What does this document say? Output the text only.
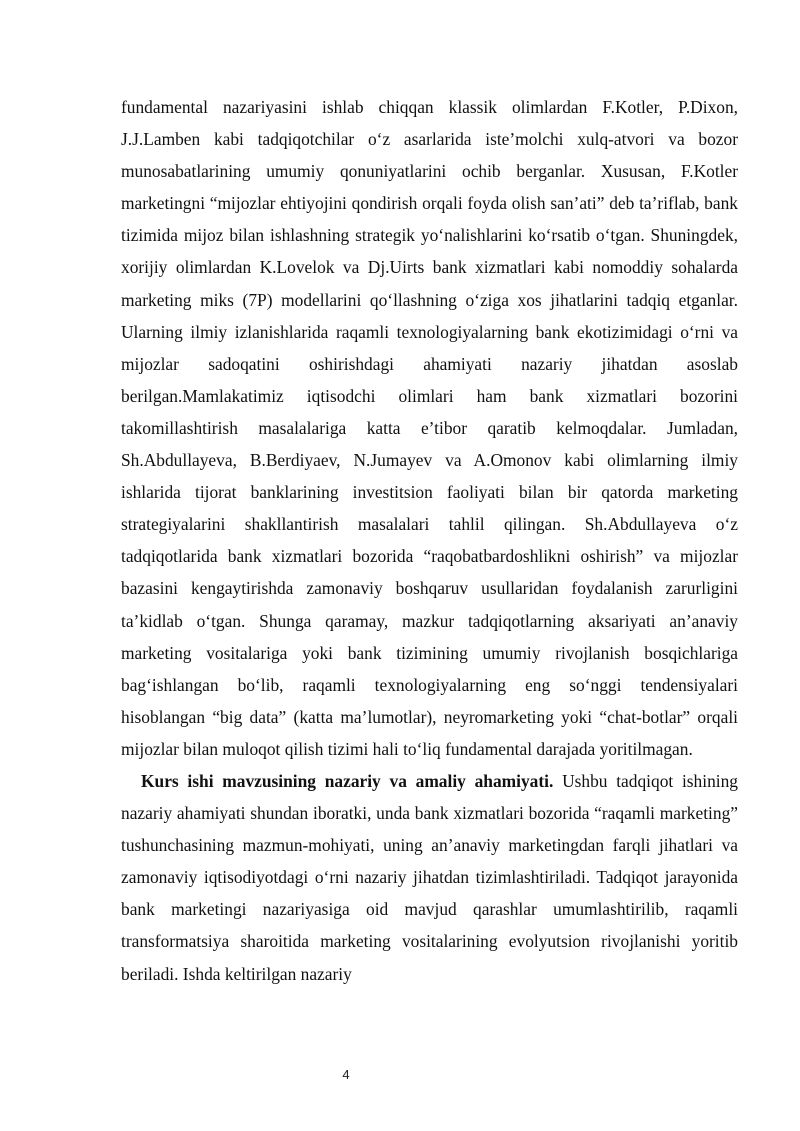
fundamental nazariyasini ishlab chiqqan klassik olimlardan F.Kotler, P.Dixon, J.J.Lamben kabi tadqiqotchilar o‘z asarlarida iste’molchi xulq-atvori va bozor munosabatlarining umumiy qonuniyatlarini ochib berganlar. Xususan, F.Kotler marketingni “mijozlar ehtiyojini qondirish orqali foyda olish san’ati” deb ta’riflab, bank tizimida mijoz bilan ishlashning strategik yo‘nalishlarini ko‘rsatib o‘tgan. Shuningdek, xorijiy olimlardan K.Lovelok va Dj.Uirts bank xizmatlari kabi nomoddiy sohalarda marketing miks (7P) modellarini qo‘llashning o‘ziga xos jihatlarini tadqiq etganlar. Ularning ilmiy izlanishlarida raqamli texnologiyalarning bank ekotizimidagi o‘rni va mijozlar sadoqatini oshirishdagi ahamiyati nazariy jihatdan asoslab berilgan.Mamlakatimiz iqtisodchi olimlari ham bank xizmatlari bozorini takomillashtirish masalalariga katta e’tibor qaratib kelmoqdalar. Jumladan, Sh.Abdullayeva, B.Berdiyaev, N.Jumayev va A.Omonov kabi olimlarning ilmiy ishlarida tijorat banklarining investitsion faoliyati bilan bir qatorda marketing strategiyalarini shakllantirish masalalari tahlil qilingan. Sh.Abdullayeva o‘z tadqiqotlarida bank xizmatlari bozorida “raqobatbardoshlikni oshirish” va mijozlar bazasini kengaytirishda zamonaviy boshqaruv usullaridan foydalanish zarurligini ta’kidlab o‘tgan. Shunga qaramay, mazkur tadqiqotlarning aksariyati an’anaviy marketing vositalariga yoki bank tizimining umumiy rivojlanish bosqichlariga bag‘ishlangan bo‘lib, raqamli texnologiyalarning eng so‘nggi tendensiyalari hisoblangan “big data” (katta ma’lumotlar), neyromarketing yoki “chat-botlar” orqali mijozlar bilan muloqot qilish tizimi hali to‘liq fundamental darajada yoritilmagan.

Kurs ishi mavzusining nazariy va amaliy ahamiyati. Ushbu tadqiqot ishining nazariy ahamiyati shundan iboratki, unda bank xizmatlari bozorida “raqamli marketing” tushunchasining mazmun-mohiyati, uning an’anaviy marketingdan farqli jihatlari va zamonaviy iqtisodiyotdagi o‘rni nazariy jihatdan tizimlashtiriladi. Tadqiqot jarayonida bank marketingi nazariyasiga oid mavjud qarashlar umumlashtirilib, raqamli transformatsiya sharoitida marketing vositalarining evolyutsion rivojlanishi yoritib beriladi. Ishda keltirilgan nazariy

4
